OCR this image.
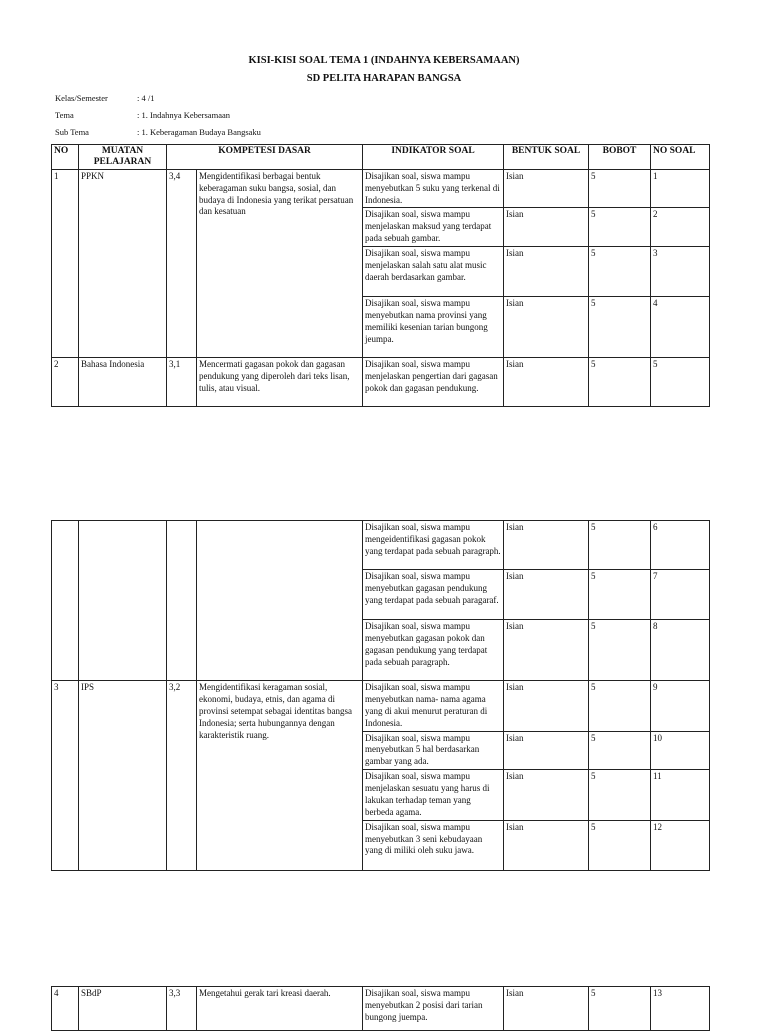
KISI-KISI SOAL TEMA 1 (INDAHNYA KEBERSAMAAN)
SD PELITA HARAPAN BANGSA
Kelas/Semester	: 4 /1
Tema	: 1. Indahnya Kebersamaan
Sub Tema	: 1. Keberagaman Budaya Bangsaku
NO	MUATAN PELAJARAN	KOMPETESI DASAR		INDIKATOR SOAL	BENTUK SOAL	BOBOT	NO SOAL
1	PPKN	3,4	Mengidentifikasi berbagai bentuk keberagaman suku bangsa, sosial, dan budaya di Indonesia yang terikat persatuan dan kesatuan	Disajikan soal, siswa mampu menyebutkan 5 suku yang terkenal di Indonesia.	Isian	5	1
				Disajikan soal, siswa mampu menjelaskan maksud yang terdapat pada sebuah gambar.	Isian	5	2
				Disajikan soal, siswa mampu menjelaskan salah satu alat music daerah berdasarkan gambar.	Isian	5	3
				Disajikan soal, siswa mampu menyebutkan nama provinsi yang memiliki kesenian tarian bungong jeumpa.	Isian	5	4
2	Bahasa Indonesia	3,1	Mencermati gagasan pokok dan gagasan pendukung yang diperoleh dari teks lisan, tulis, atau visual.	Disajikan soal, siswa mampu menjelaskan pengertian dari gagasan pokok dan gagasan pendukung.	Isian	5	5
				Disajikan soal, siswa mampu mengeidentifikasi gagasan pokok yang terdapat pada sebuah paragraph.	Isian	5	6
				Disajikan soal, siswa mampu menyebutkan gagasan pendukung yang terdapat pada sebuah paragaraf.	Isian	5	7
				Disajikan soal, siswa mampu menyebutkan gagasan pokok dan gagasan pendukung yang terdapat pada sebuah paragraph.	Isian	5	8
3	IPS	3,2	Mengidentifikasi keragaman sosial, ekonomi, budaya, etnis, dan agama di provinsi setempat sebagai identitas bangsa Indonesia; serta hubungannya dengan karakteristik ruang.	Disajikan soal, siswa mampu menyebutkan nama- nama agama yang di akui menurut peraturan di Indonesia.	Isian	5	9
				Disajikan soal, siswa mampu menyebutkan 5 hal berdasarkan gambar yang ada.	Isian	5	10
				Disajikan soal, siswa mampu menjelaskan sesuatu yang harus di lakukan terhadap teman yang berbeda agama.	Isian	5	11
				Disajikan soal, siswa mampu menyebutkan 3 seni kebudayaan yang di miliki oleh suku jawa.	Isian	5	12
4	SBdP	3,3	Mengetahui gerak tari kreasi daerah.	Disajikan soal, siswa mampu menyebutkan 2 posisi dari tarian bungong juempa.	Isian	5	13
